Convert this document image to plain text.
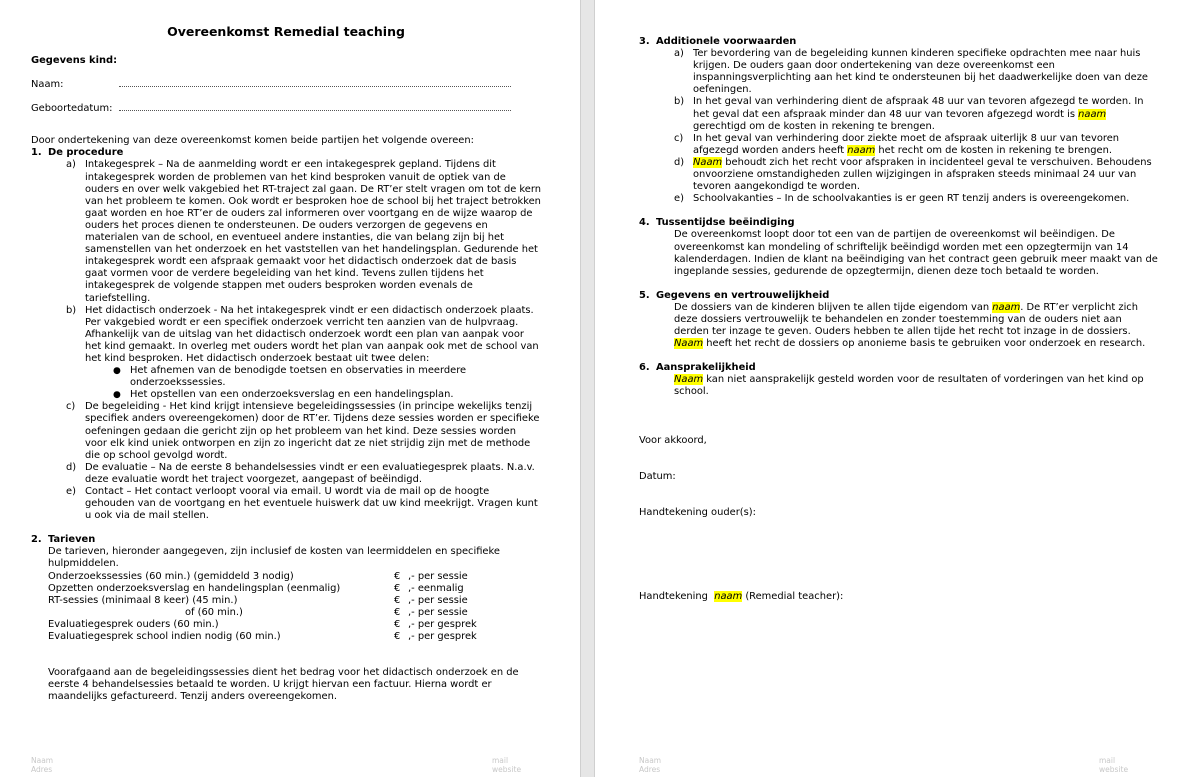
Overeenkomst Remedial teaching
Gegevens kind:
Naam:
Geboortedatum:
Door ondertekening van deze overeenkomst komen beide partijen het volgende overeen:
1. De procedure
a) Intakegesprek – Na de aanmelding wordt er een intakegesprek gepland. Tijdens dit intakegesprek worden de problemen van het kind besproken vanuit de optiek van de ouders en over welk vakgebied het RT-traject zal gaan. De RT’er stelt vragen om tot de kern van het probleem te komen. Ook wordt er besproken hoe de school bij het traject betrokken gaat worden en hoe RT’er de ouders zal informeren over voortgang en de wijze waarop de ouders het proces dienen te ondersteunen. De ouders verzorgen de gegevens en materialen van de school, en eventueel andere instanties, die van belang zijn bij het samenstellen van het onderzoek en het vaststellen van het handelingsplan. Gedurende het intakegesprek wordt een afspraak gemaakt voor het didactisch onderzoek dat de basis gaat vormen voor de verdere begeleiding van het kind. Tevens zullen tijdens het intakegesprek de volgende stappen met ouders besproken worden evenals de tariefstelling.
b) Het didactisch onderzoek - Na het intakegesprek vindt er een didactisch onderzoek plaats. Per vakgebied wordt er een specifiek onderzoek verricht ten aanzien van de hulpvraag. Afhankelijk van de uitslag van het didactisch onderzoek wordt een plan van aanpak voor het kind gemaakt. In overleg met ouders wordt het plan van aanpak ook met de school van het kind besproken. Het didactisch onderzoek bestaat uit twee delen:
● Het afnemen van de benodigde toetsen en observaties in meerdere onderzoekssessies.
● Het opstellen van een onderzoeksverslag en een handelingsplan.
c) De begeleiding - Het kind krijgt intensieve begeleidingssessies (in principe wekelijks tenzij specifiek anders overeengekomen) door de RT’er. Tijdens deze sessies worden er specifieke oefeningen gedaan die gericht zijn op het probleem van het kind. Deze sessies worden voor elk kind uniek ontworpen en zijn zo ingericht dat ze niet strijdig zijn met de methode die op school gevolgd wordt.
d) De evaluatie – Na de eerste 8 behandelsessies vindt er een evaluatiegesprek plaats. N.a.v. deze evaluatie wordt het traject voorgezet, aangepast of beëindigd.
e) Contact – Het contact verloopt vooral via email. U wordt via de mail op de hoogte gehouden van de voortgang en het eventuele huiswerk dat uw kind meekrijgt. Vragen kunt u ook via de mail stellen.
2. Tarieven
De tarieven, hieronder aangegeven, zijn inclusief de kosten van leermiddelen en specifieke hulpmiddelen.
Onderzoekssessies (60 min.) (gemiddeld 3 nodig)	€ ,- per sessie
Opzetten onderzoeksverslag en handelingsplan (eenmalig)	€ ,- eenmalig
RT-sessies (minimaal 8 keer) (45 min.)	€ ,- per sessie
of (60 min.)	€ ,- per sessie
Evaluatiegesprek ouders (60 min.)	€ ,- per gesprek
Evaluatiegesprek school indien nodig (60 min.)	€ ,- per gesprek
Voorafgaand aan de begeleidingssessies dient het bedrag voor het didactisch onderzoek en de eerste 4 behandelsessies betaald te worden. U krijgt hiervan een factuur. Hierna wordt er maandelijks gefactureerd. Tenzij anders overeengekomen.
Naam
Adres
mail
website
3. Additionele voorwaarden
a) Ter bevordering van de begeleiding kunnen kinderen specifieke opdrachten mee naar huis krijgen. De ouders gaan door ondertekening van deze overeenkomst een inspanningsverplichting aan het kind te ondersteunen bij het daadwerkelijke doen van deze oefeningen.
b) In het geval van verhindering dient de afspraak 48 uur van tevoren afgezegd te worden. In het geval dat een afspraak minder dan 48 uur van tevoren afgezegd wordt is naam gerechtigd om de kosten in rekening te brengen.
c) In het geval van verhindering door ziekte moet de afspraak uiterlijk 8 uur van tevoren afgezegd worden anders heeft naam het recht om de kosten in rekening te brengen.
d) Naam behoudt zich het recht voor afspraken in incidenteel geval te verschuiven. Behoudens onvoorziene omstandigheden zullen wijzigingen in afspraken steeds minimaal 24 uur van tevoren aangekondigd te worden.
e) Schoolvakanties – In de schoolvakanties is er geen RT tenzij anders is overeengekomen.
4. Tussentijdse beëindiging
De overeenkomst loopt door tot een van de partijen de overeenkomst wil beëindigen. De overeenkomst kan mondeling of schriftelijk beëindigd worden met een opzegtermijn van 14 kalenderdagen. Indien de klant na beëindiging van het contract geen gebruik meer maakt van de ingeplande sessies, gedurende de opzegtermijn, dienen deze toch betaald te worden.
5. Gegevens en vertrouwelijkheid
De dossiers van de kinderen blijven te allen tijde eigendom van naam. De RT’er verplicht zich deze dossiers vertrouwelijk te behandelen en zonder toestemming van de ouders niet aan derden ter inzage te geven. Ouders hebben te allen tijde het recht tot inzage in de dossiers. Naam heeft het recht de dossiers op anonieme basis te gebruiken voor onderzoek en research.
6. Aansprakelijkheid
Naam kan niet aansprakelijk gesteld worden voor de resultaten of vorderingen van het kind op school.
Voor akkoord,
Datum:
Handtekening ouder(s):
Handtekening  naam (Remedial teacher):
Naam
Adres
mail
website
